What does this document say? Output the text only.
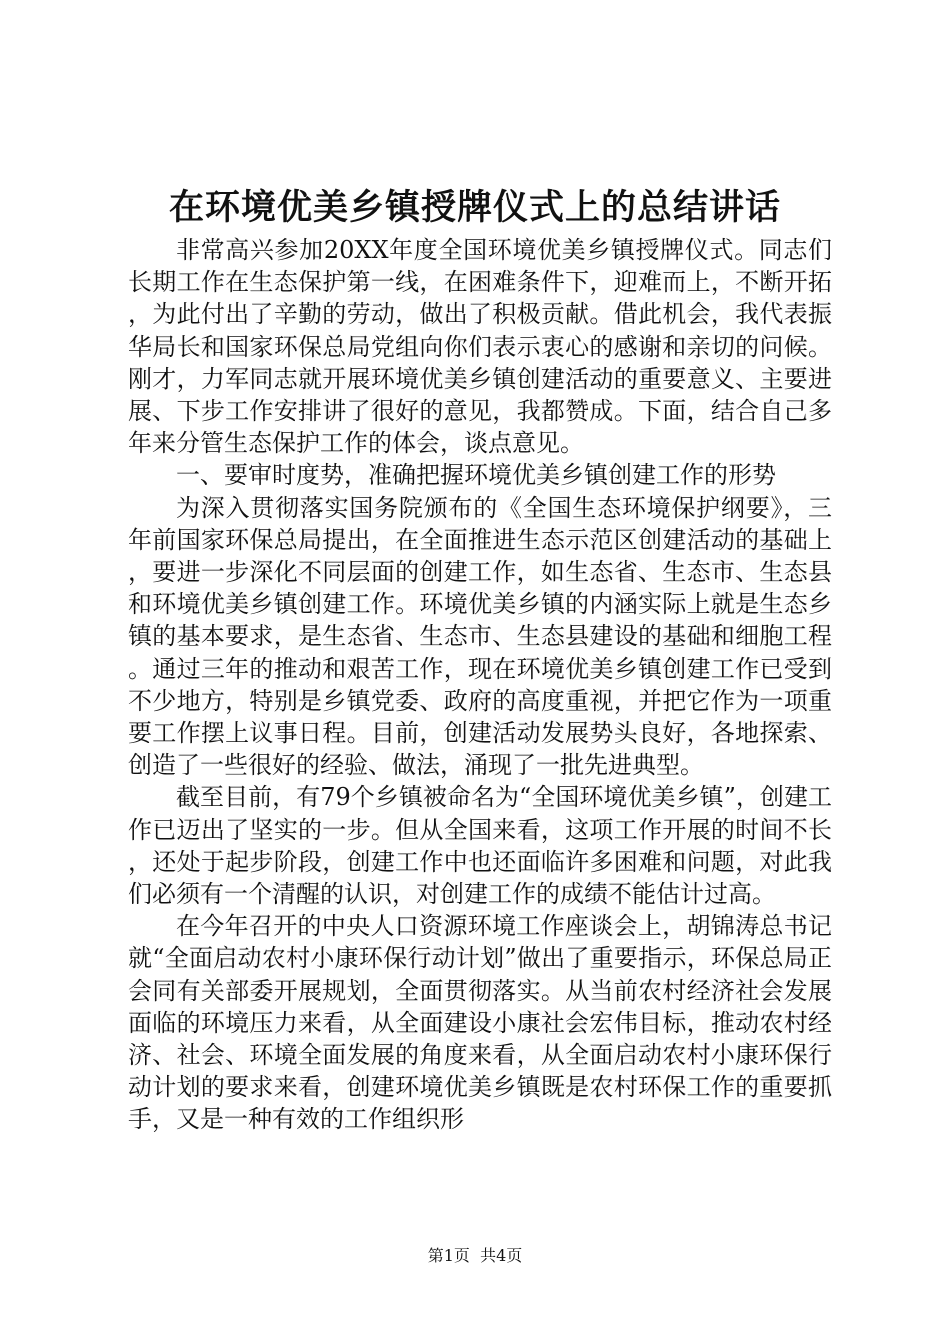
在环境优美乡镇授牌仪式上的总结讲话

非常高兴参加20XX年度全国环境优美乡镇授牌仪式。同志们长期工作在生态保护第一线，在困难条件下，迎难而上，不断开拓，为此付出了辛勤的劳动，做出了积极贡献。借此机会，我代表振华局长和国家环保总局党组向你们表示衷心的感谢和亲切的问候。刚才，力军同志就开展环境优美乡镇创建活动的重要意义、主要进展、下步工作安排讲了很好的意见，我都赞成。下面，结合自己多年来分管生态保护工作的体会，谈点意见。

一、要审时度势，准确把握环境优美乡镇创建工作的形势

为深入贯彻落实国务院颁布的《全国生态环境保护纲要》，三年前国家环保总局提出，在全面推进生态示范区创建活动的基础上，要进一步深化不同层面的创建工作，如生态省、生态市、生态县和环境优美乡镇创建工作。环境优美乡镇的内涵实际上就是生态乡镇的基本要求，是生态省、生态市、生态县建设的基础和细胞工程。通过三年的推动和艰苦工作，现在环境优美乡镇创建工作已受到不少地方，特别是乡镇党委、政府的高度重视，并把它作为一项重要工作摆上议事日程。目前，创建活动发展势头良好，各地探索、创造了一些很好的经验、做法，涌现了一批先进典型。

截至目前，有79个乡镇被命名为“全国环境优美乡镇”，创建工作已迈出了坚实的一步。但从全国来看，这项工作开展的时间不长，还处于起步阶段，创建工作中也还面临许多困难和问题，对此我们必须有一个清醒的认识，对创建工作的成绩不能估计过高。

在今年召开的中央人口资源环境工作座谈会上，胡锦涛总书记就“全面启动农村小康环保行动计划”做出了重要指示，环保总局正会同有关部委开展规划，全面贯彻落实。从当前农村经济社会发展面临的环境压力来看，从全面建设小康社会宏伟目标，推动农村经济、社会、环境全面发展的角度来看，从全面启动农村小康环保行动计划的要求来看，创建环境优美乡镇既是农村环保工作的重要抓手，又是一种有效的工作组织形

第1页 共4页
